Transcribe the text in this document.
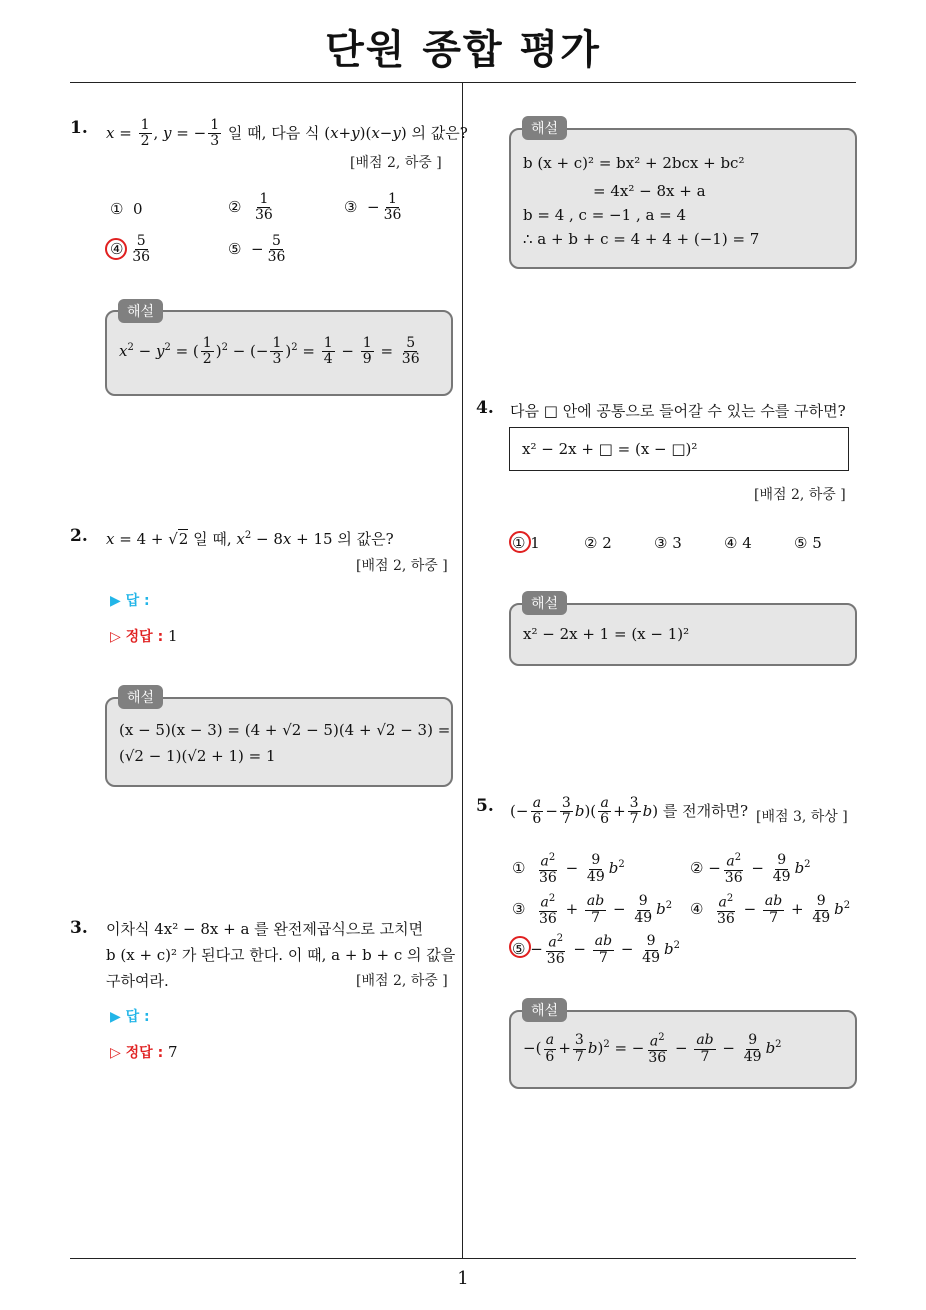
단원 종합 평가
1
1. $x = \frac{1}{2}$ , y = − $\frac{1}{3}$ 일 때, 다음 식 (x+y)(x−y) 의 값은?
[배점 2, 하중 ]
① 0	② $\frac{1}{36}$	③  − $\frac{1}{36}$
④ $\frac{5}{36}$	⑤  − $\frac{5}{36}$
$x^2 - y^2$ = ( $\frac{1}{2} )^2$ − (− $\frac{1}{3} )^2 = \frac{1}{4} - \frac{1}{9} = \frac{5}{36}$
해설
2. x = 4 + √2 일 때, $x^2 - 8x + 15$ 의 값은?
[배점 2, 하중 ]
▶ 답 :
▷ 정답 : 1
(x − 5)(x − 3) = (4 + √2 − 5)(4 + √2 − 3) =
(√2 − 1)(√2 + 1) = 1
해설
3. 이차식 4x² − 8x + a 를 완전제곱식으로 고치면
b (x + c)² 가 된다고 한다. 이 때, a + b + c 의 값을
구하여라.	[배점 2, 하중 ]
▶ 답 :
▷ 정답 : 7
b (x + c)² = bx² + 2bcx + bc²
= 4x² − 8x + a
b = 4 , c = −1 , a = 4
∴ a + b + c = 4 + 4 + (−1) = 7
해설
4. 다음 □ 안에 공통으로 들어갈 수 있는 수를 구하면?
x² − 2x + □ = (x − □)²
[배점 2, 하중 ]
① 1	② 2	③ 3	④ 4	⑤ 5
x² − 2x + 1 = (x − 1)²
해설
5. (− $\frac{a}{6} - \frac{3}{7} b)( \frac{a}{6} + \frac{3}{7} b)$ 를 전개하면? [배점 3, 하상 ]
① $\frac{a^2}{36} - \frac{9}{49} b^2$	② − $\frac{a^2}{36} - \frac{9}{49} b^2$
③ $\frac{a^2}{36} + \frac{ab}{7} - \frac{9}{49} b^2$ ④ $\frac{a^2}{36} - \frac{ab}{7} + \frac{9}{49} b^2$
⑤ − $\frac{a^2}{36} - \frac{ab}{7} - \frac{9}{49} b^2$
−( $\frac{a}{6} + \frac{3}{7} b)^2$ = − $\frac{a^2}{36} - \frac{ab}{7} - \frac{9}{49} b^2$
해설
